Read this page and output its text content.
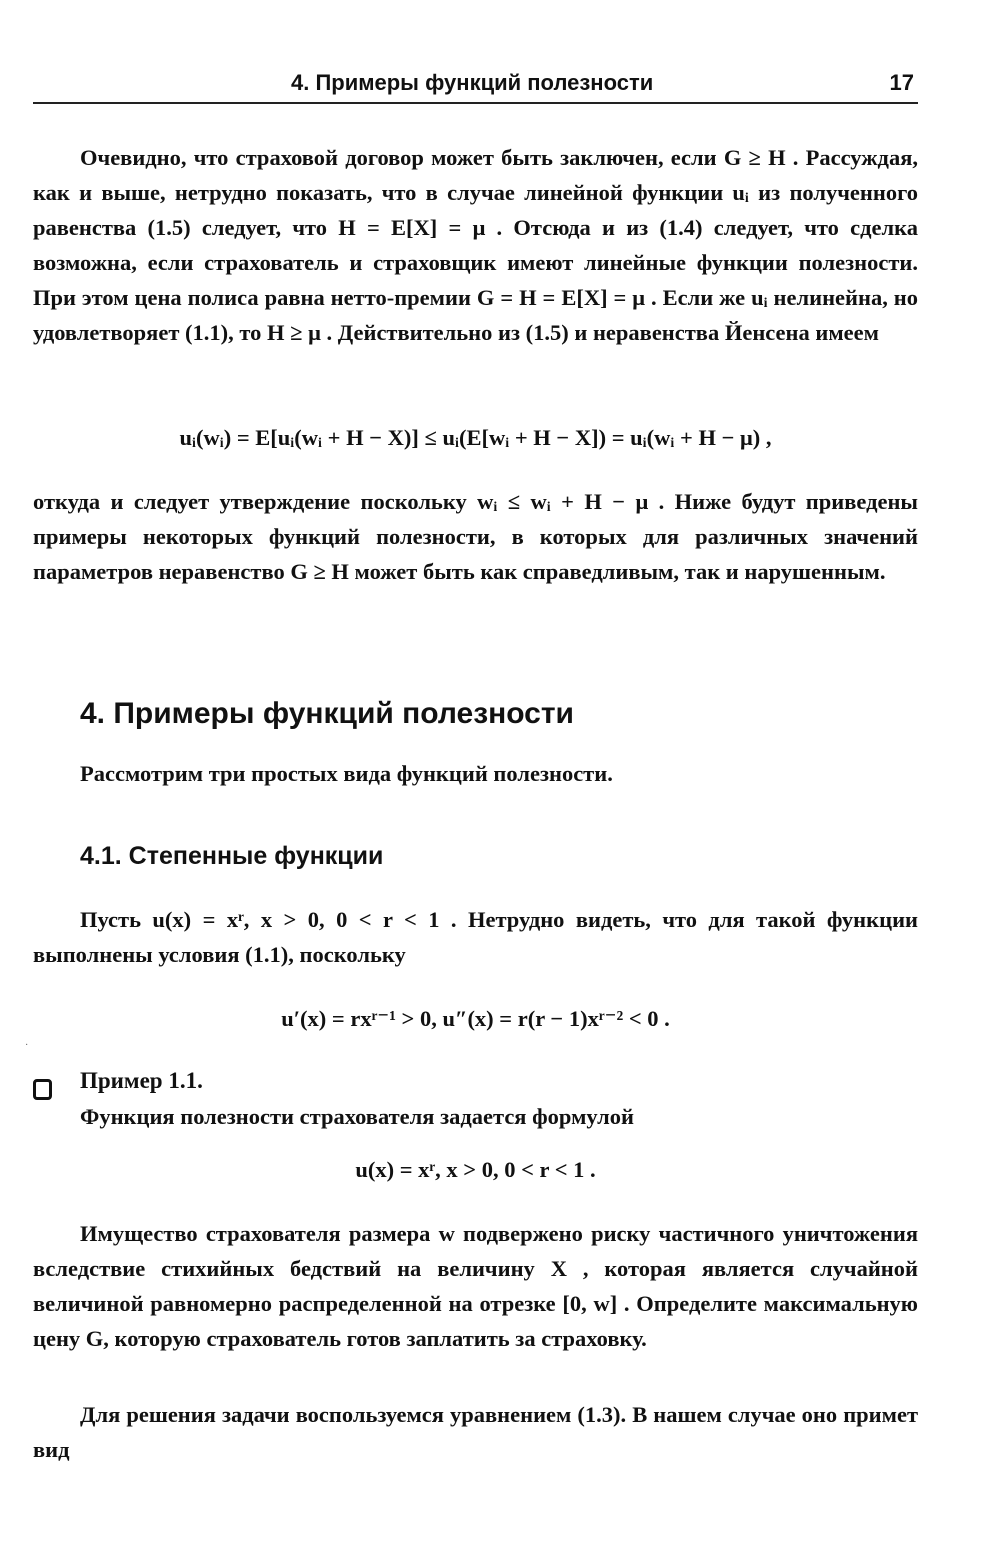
4. Примеры функций полезности	17
Очевидно, что страховой договор может быть заключен, если G ≥ H . Рассуждая, как и выше, нетрудно показать, что в случае линейной функции uᵢ из полученного равенства (1.5) следует, что H = E[X] = μ . Отсюда и из (1.4) следует, что сделка возможна, если страхователь и страховщик имеют линейные функции полезности. При этом цена полиса равна нетто-премии G = H = E[X] = μ . Если же uᵢ нелинейна, но удовлетворяет (1.1), то H ≥ μ . Действительно из (1.5) и неравенства Йенсена имеем
uᵢ(wᵢ) = E[uᵢ(wᵢ + H − X)] ≤ uᵢ(E[wᵢ + H − X]) = uᵢ(wᵢ + H − μ) ,
откуда и следует утверждение поскольку wᵢ ≤ wᵢ + H − μ . Ниже будут приведены примеры некоторых функций полезности, в которых для различных значений параметров неравенство G ≥ H может быть как справедливым, так и нарушенным.
4. Примеры функций полезности
Рассмотрим три простых вида функций полезности.
4.1. Степенные функции
Пусть u(x) = xʳ, x > 0, 0 < r < 1 . Нетрудно видеть, что для такой функции выполнены условия (1.1), поскольку
u′(x) = rxʳ⁻¹ > 0, u″(x) = r(r − 1)xʳ⁻² < 0 .
·
Пример 1.1.
Функция полезности страхователя задается формулой
u(x) = xʳ, x > 0, 0 < r < 1 .
Имущество страхователя размера w подвержено риску частичного уничтожения вследствие стихийных бедствий на величину X , которая является случайной величиной равномерно распределенной на отрезке [0, w] . Определите максимальную цену G, которую страхователь готов заплатить за страховку.
Для решения задачи воспользуемся уравнением (1.3). В нашем случае оно примет вид
